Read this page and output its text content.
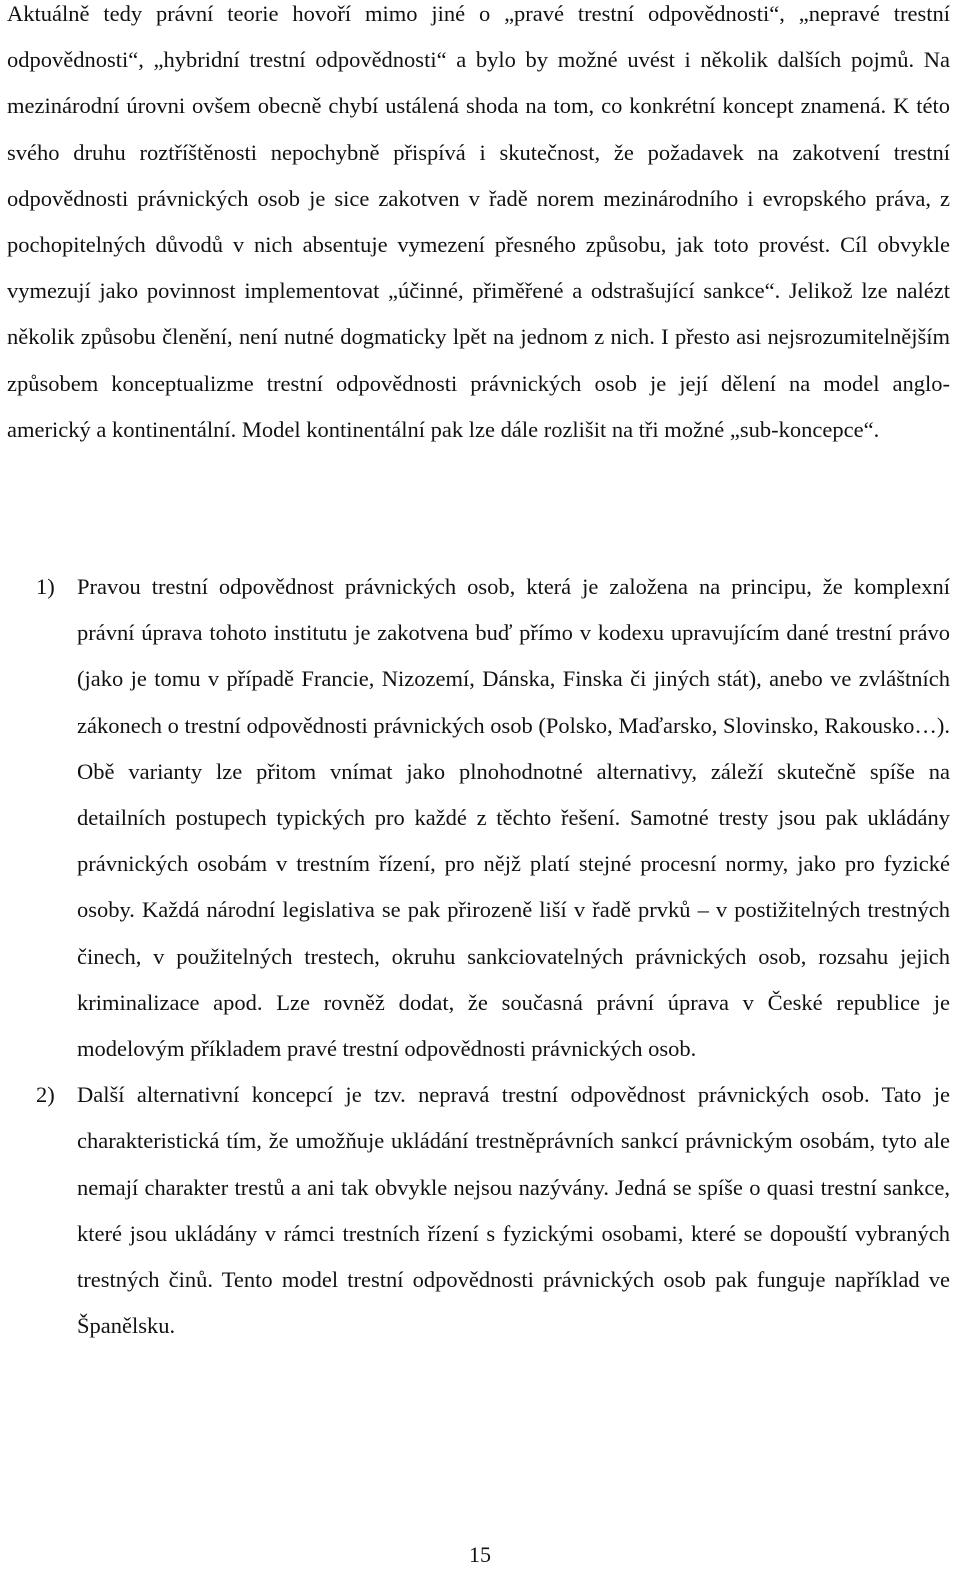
Aktuálně tedy právní teorie hovoří mimo jiné o „pravé trestní odpovědnosti“, „nepravé trestní odpovědnosti“, „hybridní trestní odpovědnosti“ a bylo by možné uvést i několik dalších pojmů. Na mezinárodní úrovni ovšem obecně chybí ustálená shoda na tom, co konkrétní koncept znamená. K této svého druhu roztříštěnosti nepochybně přispívá i skutečnost, že požadavek na zakotvení trestní odpovědnosti právnických osob je sice zakotven v řadě norem mezinárodního i evropského práva, z pochopitelných důvodů v nich absentuje vymezení přesného způsobu, jak toto provést. Cíl obvykle vymezují jako povinnost implementovat „účinné, přiměřené a odstrašující sankce“. Jelikož lze nalézt několik způsobu členění, není nutné dogmaticky lpět na jednom z nich. I přesto asi nejsrozumitelnějším způsobem konceptualizme trestní odpovědnosti právnických osob je její dělení na model anglo-americký a kontinentální. Model kontinentální pak lze dále rozlišit na tři možné „sub-koncepce“.

1) Pravou trestní odpovědnost právnických osob, která je založena na principu, že komplexní právní úprava tohoto institutu je zakotvena buď přímo v kodexu upravujícím dané trestní právo (jako je tomu v případě Francie, Nizozemí, Dánska, Finska či jiných stát), anebo ve zvláštních zákonech o trestní odpovědnosti právnických osob (Polsko, Maďarsko, Slovinsko, Rakousko…). Obě varianty lze přitom vnímat jako plnohodnotné alternativy, záleží skutečně spíše na detailních postupech typických pro každé z těchto řešení. Samotné tresty jsou pak ukládány právnických osobám v trestním řízení, pro nějž platí stejné procesní normy, jako pro fyzické osoby. Každá národní legislativa se pak přirozeně liší v řadě prvků – v postižitelných trestných činech, v použitelných trestech, okruhu sankciovatelných právnických osob, rozsahu jejich kriminalizace apod. Lze rovněž dodat, že současná právní úprava v České republice je modelovým příkladem pravé trestní odpovědnosti právnických osob.
2) Další alternativní koncepcí je tzv. nepravá trestní odpovědnost právnických osob. Tato je charakteristická tím, že umožňuje ukládání trestněprávních sankcí právnickým osobám, tyto ale nemají charakter trestů a ani tak obvykle nejsou nazývány. Jedná se spíše o quasi trestní sankce, které jsou ukládány v rámci trestních řízení s fyzickými osobami, které se dopouští vybraných trestných činů. Tento model trestní odpovědnosti právnických osob pak funguje například ve Španělsku.
15
